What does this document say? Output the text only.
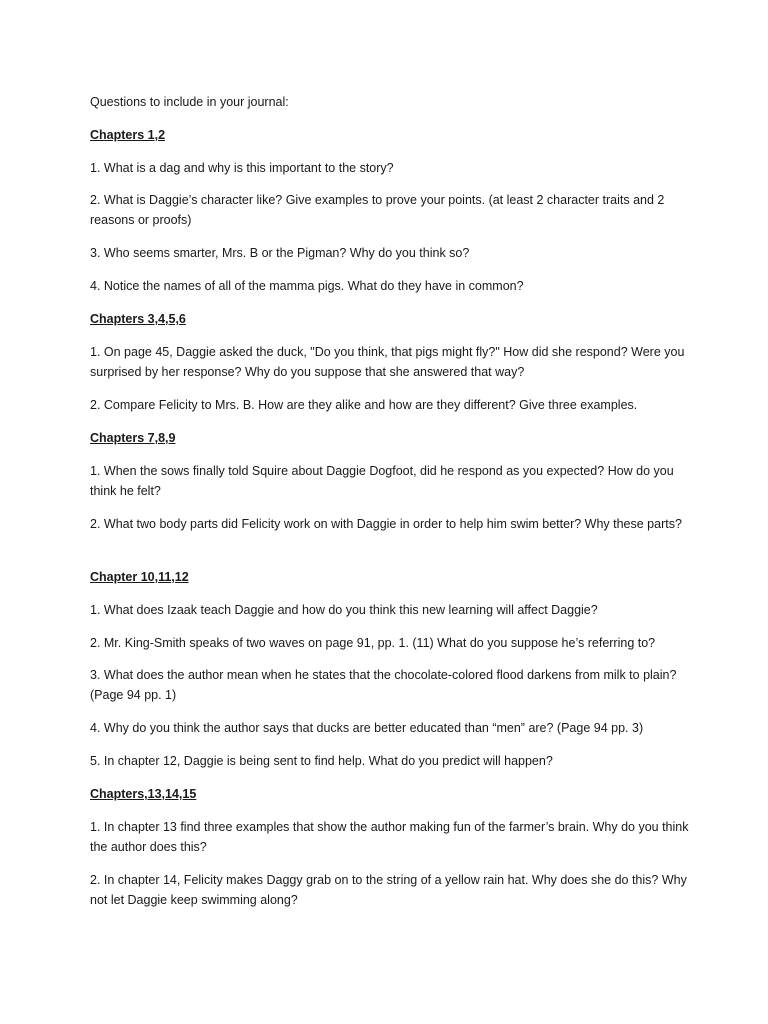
Questions to include in your journal:

Chapters 1,2

1. What is a dag and why is this important to the story?

2. What is Daggie’s character like? Give examples to prove your points. (at least 2 character traits and 2 reasons or proofs)

3. Who seems smarter, Mrs. B or the Pigman? Why do you think so?

4. Notice the names of all of the mamma pigs. What do they have in common?

Chapters 3,4,5,6

1. On page 45, Daggie asked the duck, "Do you think, that pigs might fly?" How did she respond? Were you surprised by her response? Why do you suppose that she answered that way?

2. Compare Felicity to Mrs. B. How are they alike and how are they different? Give three examples.

Chapters 7,8,9

1. When the sows finally told Squire about Daggie Dogfoot, did he respond as you expected? How do you think he felt?

2. What two body parts did Felicity work on with Daggie in order to help him swim better? Why these parts?

Chapter 10,11,12

1. What does Izaak teach Daggie and how do you think this new learning will affect Daggie?

2. Mr. King-Smith speaks of two waves on page 91, pp. 1. (11) What do you suppose he’s referring to?

3. What does the author mean when he states that the chocolate-colored flood darkens from milk to plain? (Page 94 pp. 1)

4. Why do you think the author says that ducks are better educated than “men” are? (Page 94 pp. 3)

5. In chapter 12, Daggie is being sent to find help. What do you predict will happen?

Chapters,13,14,15

1. In chapter 13 find three examples that show the author making fun of the farmer’s brain. Why do you think the author does this?

2. In chapter 14, Felicity makes Daggy grab on to the string of a yellow rain hat. Why does she do this? Why not let Daggie keep swimming along?
